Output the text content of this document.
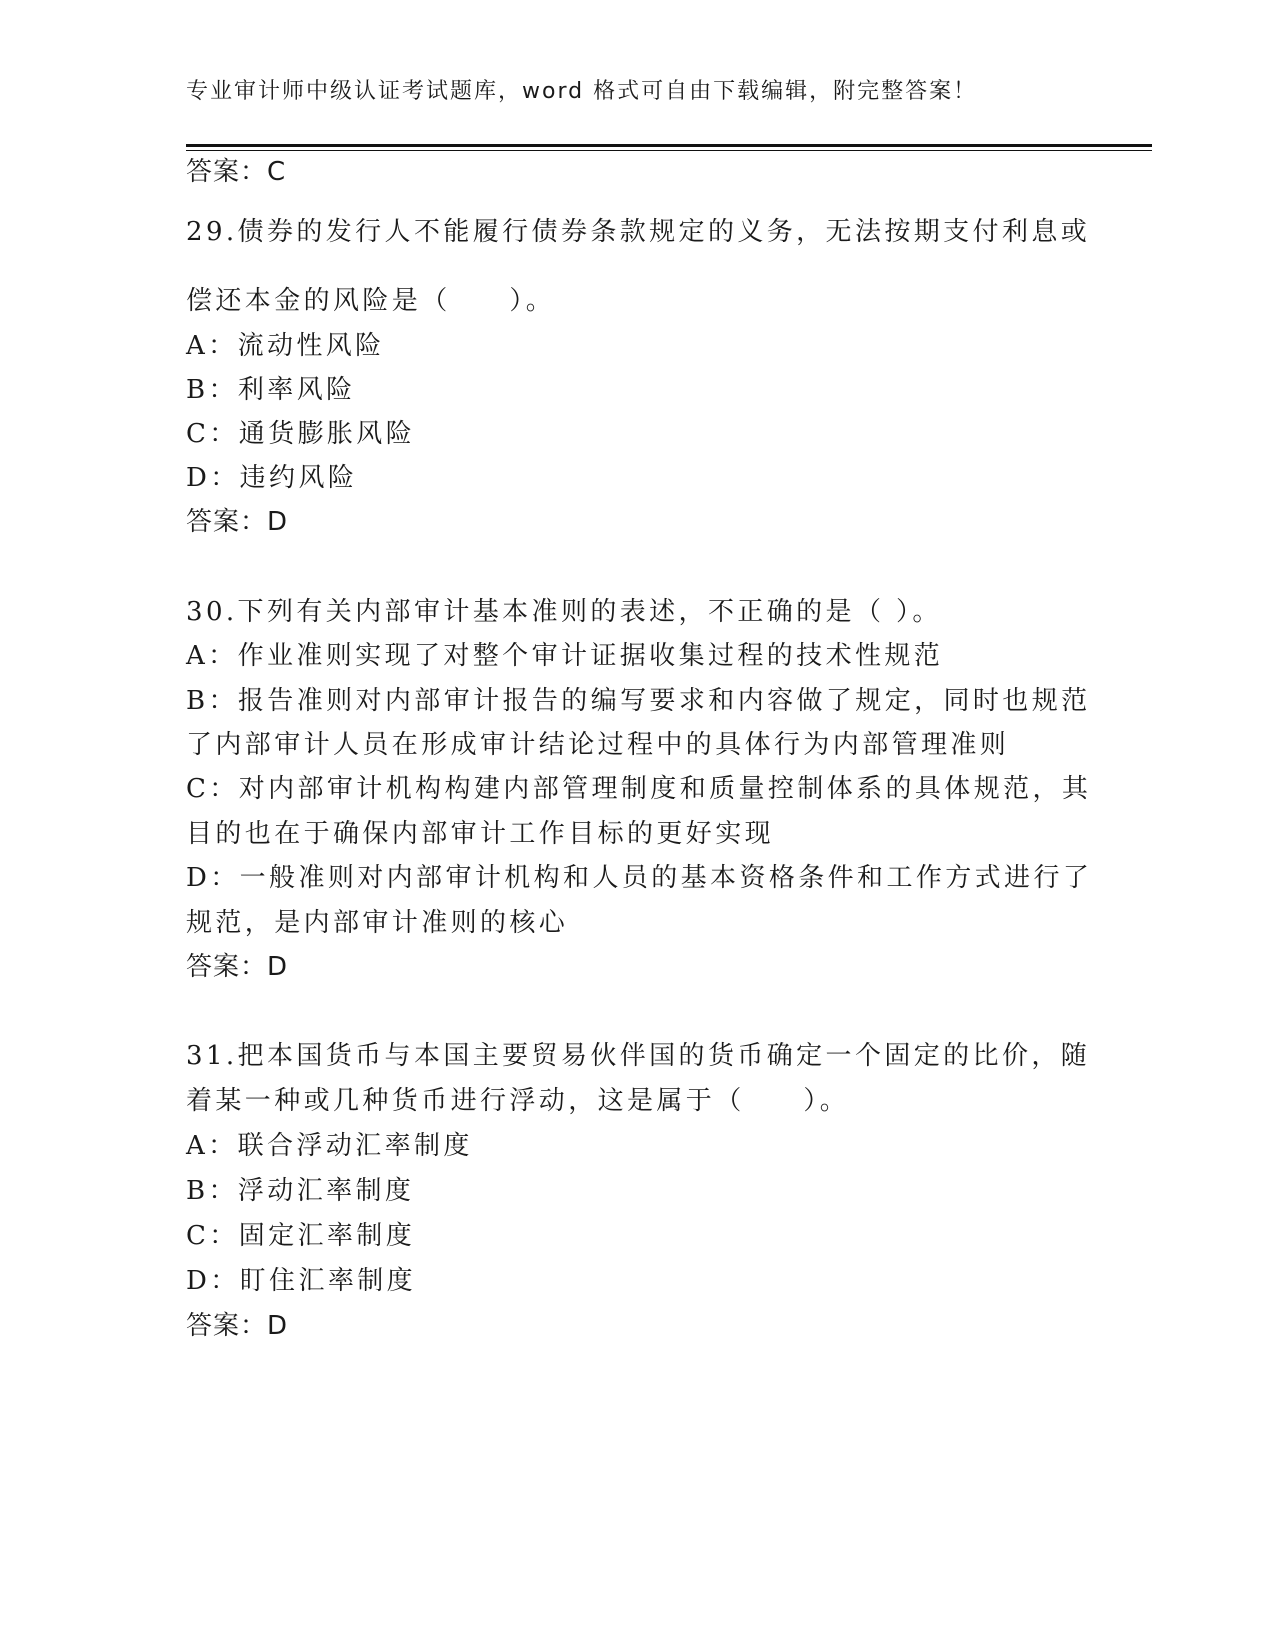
专业审计师中级认证考试题库，word 格式可自由下载编辑，附完整答案！
答案：C
29.债券的发行人不能履行债券条款规定的义务，无法按期支付利息或
偿还本金的风险是（　　）。
A：流动性风险
B：利率风险
C：通货膨胀风险
D：违约风险
答案：D
30.下列有关内部审计基本准则的表述，不正确的是（ ）。
A：作业准则实现了对整个审计证据收集过程的技术性规范
B：报告准则对内部审计报告的编写要求和内容做了规定，同时也规范
了内部审计人员在形成审计结论过程中的具体行为内部管理准则
C：对内部审计机构构建内部管理制度和质量控制体系的具体规范，其
目的也在于确保内部审计工作目标的更好实现
D：一般准则对内部审计机构和人员的基本资格条件和工作方式进行了
规范，是内部审计准则的核心
答案：D
31.把本国货币与本国主要贸易伙伴国的货币确定一个固定的比价，随
着某一种或几种货币进行浮动，这是属于（　　）。
A：联合浮动汇率制度
B：浮动汇率制度
C：固定汇率制度
D：盯住汇率制度
答案：D
